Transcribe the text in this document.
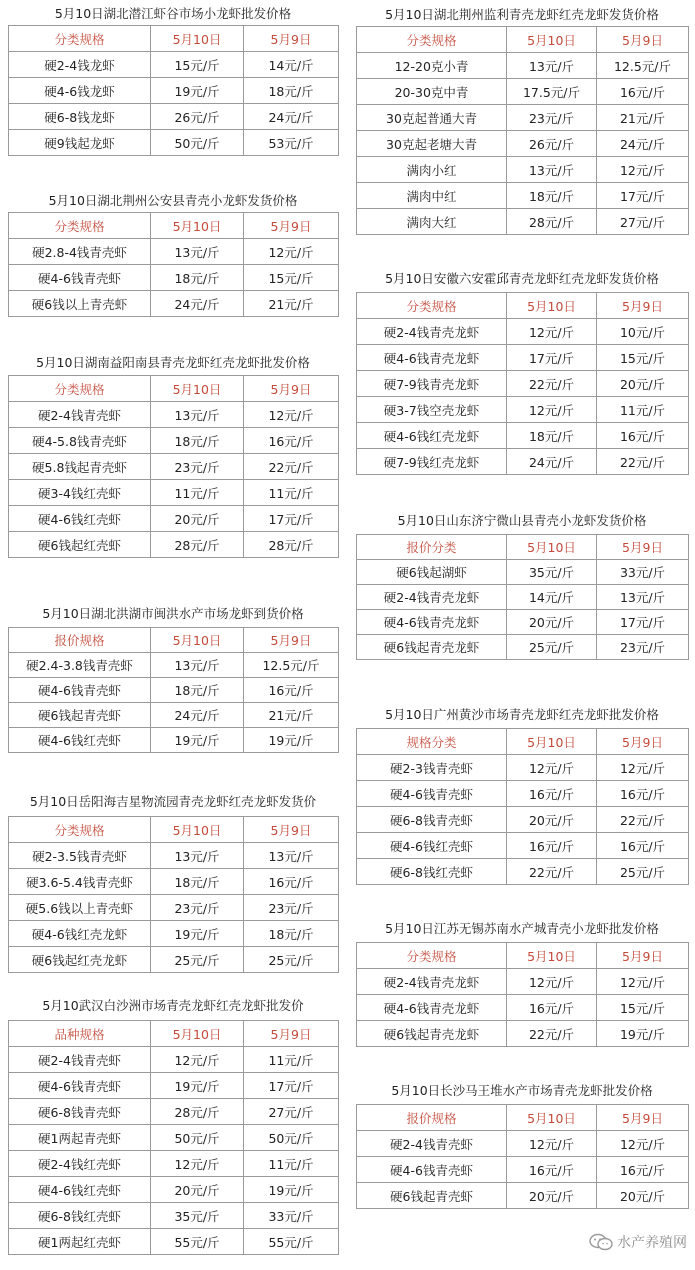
5月10日湖北潜江虾谷市场小龙虾批发价格
分类规格	5月10日	5月9日
硬2-4钱龙虾	15元/斤	14元/斤
硬4-6钱龙虾	19元/斤	18元/斤
硬6-8钱龙虾	26元/斤	24元/斤
硬9钱起龙虾	50元/斤	53元/斤
5月10日湖北荆州公安县青壳小龙虾发货价格
分类规格	5月10日	5月9日
硬2.8-4钱青壳虾	13元/斤	12元/斤
硬4-6钱青壳虾	18元/斤	15元/斤
硬6钱以上青壳虾	24元/斤	21元/斤
5月10日湖南益阳南县青壳龙虾红壳龙虾批发价格
分类规格	5月10日	5月9日
硬2-4钱青壳虾	13元/斤	12元/斤
硬4-5.8钱青壳虾	18元/斤	16元/斤
硬5.8钱起青壳虾	23元/斤	22元/斤
硬3-4钱红壳虾	11元/斤	11元/斤
硬4-6钱红壳虾	20元/斤	17元/斤
硬6钱起红壳虾	28元/斤	28元/斤
5月10日湖北洪湖市闽洪水产市场龙虾到货价格
报价规格	5月10日	5月9日
硬2.4-3.8钱青壳虾	13元/斤	12.5元/斤
硬4-6钱青壳虾	18元/斤	16元/斤
硬6钱起青壳虾	24元/斤	21元/斤
硬4-6钱红壳虾	19元/斤	19元/斤
5月10日岳阳海吉星物流园青壳龙虾红壳龙虾发货价
分类规格	5月10日	5月9日
硬2-3.5钱青壳虾	13元/斤	13元/斤
硬3.6-5.4钱青壳虾	18元/斤	16元/斤
硬5.6钱以上青壳虾	23元/斤	23元/斤
硬4-6钱红壳龙虾	19元/斤	18元/斤
硬6钱起红壳龙虾	25元/斤	25元/斤
5月10武汉白沙洲市场青壳龙虾红壳龙虾批发价
品种规格	5月10日	5月9日
硬2-4钱青壳虾	12元/斤	11元/斤
硬4-6钱青壳虾	19元/斤	17元/斤
硬6-8钱青壳虾	28元/斤	27元/斤
硬1两起青壳虾	50元/斤	50元/斤
硬2-4钱红壳虾	12元/斤	11元/斤
硬4-6钱红壳虾	20元/斤	19元/斤
硬6-8钱红壳虾	35元/斤	33元/斤
硬1两起红壳虾	55元/斤	55元/斤
5月10日湖北荆州监利青壳龙虾红壳龙虾发货价格
分类规格	5月10日	5月9日
12-20克小青	13元/斤	12.5元/斤
20-30克中青	17.5元/斤	16元/斤
30克起普通大青	23元/斤	21元/斤
30克起老塘大青	26元/斤	24元/斤
满肉小红	13元/斤	12元/斤
满肉中红	18元/斤	17元/斤
满肉大红	28元/斤	27元/斤
5月10日安徽六安霍邱青壳龙虾红壳龙虾发货价格
分类规格	5月10日	5月9日
硬2-4钱青壳龙虾	12元/斤	10元/斤
硬4-6钱青壳龙虾	17元/斤	15元/斤
硬7-9钱青壳龙虾	22元/斤	20元/斤
硬3-7钱空壳龙虾	12元/斤	11元/斤
硬4-6钱红壳龙虾	18元/斤	16元/斤
硬7-9钱红壳龙虾	24元/斤	22元/斤
5月10日山东济宁微山县青壳小龙虾发货价格
报价分类	5月10日	5月9日
硬6钱起湖虾	35元/斤	33元/斤
硬2-4钱青壳龙虾	14元/斤	13元/斤
硬4-6钱青壳龙虾	20元/斤	17元/斤
硬6钱起青壳龙虾	25元/斤	23元/斤
5月10日广州黄沙市场青壳龙虾红壳龙虾批发价格
规格分类	5月10日	5月9日
硬2-3钱青壳虾	12元/斤	12元/斤
硬4-6钱青壳虾	16元/斤	16元/斤
硬6-8钱青壳虾	20元/斤	22元/斤
硬4-6钱红壳虾	16元/斤	16元/斤
硬6-8钱红壳虾	22元/斤	25元/斤
5月10日江苏无锡苏南水产城青壳小龙虾批发价格
分类规格	5月10日	5月9日
硬2-4钱青壳龙虾	12元/斤	12元/斤
硬4-6钱青壳龙虾	16元/斤	15元/斤
硬6钱起青壳龙虾	22元/斤	19元/斤
5月10日长沙马王堆水产市场青壳龙虾批发价格
报价规格	5月10日	5月9日
硬2-4钱青壳虾	12元/斤	12元/斤
硬4-6钱青壳虾	16元/斤	16元/斤
硬6钱起青壳虾	20元/斤	20元/斤
水产养殖网
